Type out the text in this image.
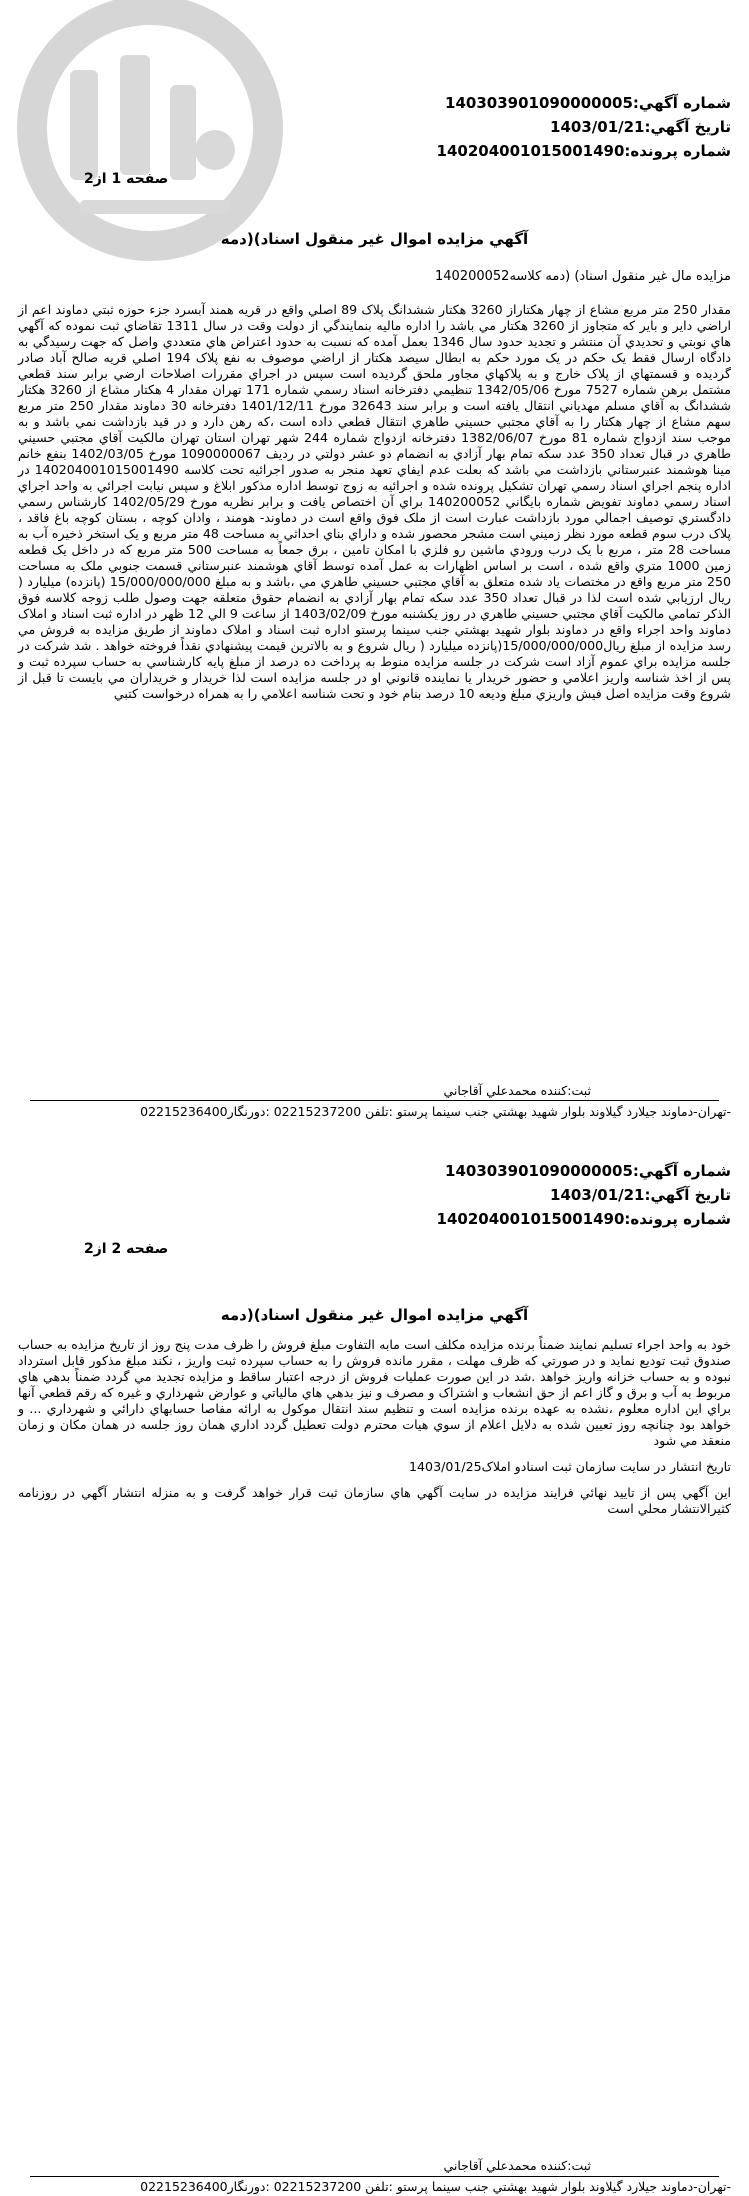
شماره آگهي:140303901090000005
تاريخ آگهي:1403/01/21
شماره پرونده:140204001015001490
صفحه 1 از2
آگهي مزايده اموال غير منقول اسناد)(دمه
مزايده مال غير منقول اسناد) (دمه کلاسه140200052

مقدار 250 متر مربع مشاع از چهار هکتاراز 3260 هکتار ششدانگ پلاک 89 اصلي واقع در قريه همند آبسرد جزء حوزه ثبتي دماوند اعم از اراضي داير و باير که متجاوز از 3260 هکتار مي باشد را اداره ماليه بنمايندگي از دولت وقت در سال 1311 تقاضاي ثبت نموده که آگهي هاي نوبتي و تحديدي آن منتشر و تجديد حدود سال 1346 بعمل آمده که نسبت به حدود اعتراض هاي متعددي واصل که جهت رسيدگي به دادگاه ارسال فقط يک حکم در يک مورد حکم به ابطال سيصد هکتار از اراضي موصوف به نفع پلاک 194 اصلي قريه صالح آباد صادر گرديده و قسمتهاي از پلاک خارج و به پلاکهاي مجاور ملحق گرديده است سپس در اجراي مقررات اصلاحات ارضي برابر سند قطعي مشتمل برهن شماره 7527 مورخ 1342/05/06 تنظيمي دفترخانه اسناد رسمي شماره 171 تهران مقدار 4 هکتار مشاع از 3260 هکتار ششدانگ به آقاي مسلم مهدياني انتقال يافته است و برابر سند 32643 مورخ 1401/12/11 دفترخانه 30 دماوند مقدار 250 متر مربع سهم مشاع از چهار هکتار را به آقاي مجتبي حسيني طاهري انتقال قطعي داده است ،که رهن دارد و در قيد بازداشت نمي باشد و به موجب سند ازدواج شماره 81 مورخ 1382/06/07 دفترخانه ازدواج شماره 244 شهر تهران استان تهران مالکيت آقاي مجتبي حسيني طاهري در قبال تعداد 350 عدد سکه تمام بهار آزادي به انضمام دو عشر دولتي در رديف 1090000067 مورخ 1402/03/05 بنفع خانم مينا هوشمند عنبرستاني بازداشت مي باشد که بعلت عدم ايفاي تعهد منجر به صدور اجرائيه تحت کلاسه 140204001015001490 در اداره پنجم اجراي اسناد رسمي تهران تشکيل پرونده شده و اجرائيه به زوج توسط اداره مذکور ابلاغ و سپس نيابت اجرائي به واحد اجراي اسناد رسمي دماوند تفويض شماره بايگاني 140200052 براي آن اختصاص يافت و برابر نظريه مورخ 1402/05/29 کارشناس رسمي دادگستري توصيف اجمالي مورد بازداشت عبارت است از ملک فوق واقع است در دماوند- هومند ، وادان کوچه ، بستان کوچه باغ فاقد ، پلاک درب سوم قطعه مورد نظر زميني است مشجر محصور شده و داراي بناي احداثي به مساحت 48 متر مربع و يک استخر ذخيره آب به مساحت 28 متر ، مربع با يک درب ورودي ماشين رو فلزي با امکان تامين ، برق جمعاً به مساحت 500 متر مربع که در داخل يک قطعه زمين 1000 متري واقع شده ، است بر اساس اظهارات به عمل آمده توسط آقاي هوشمند عنبرستاني قسمت جنوبي ملک به مساحت 250 متر مربع واقع در مختصات ياد شده متعلق به آقاي مجتبي حسيني طاهري مي ،باشد و به مبلغ 15/000/000/000 (پانزده) ميليارد ( ريال ارزيابي شده است لذا در قبال تعداد 350 عدد سکه تمام بهار آزادي به انضمام حقوق متعلقه جهت وصول طلب زوجه کلاسه فوق الذکر تمامي مالکيت آقاي مجتبي حسيني طاهري در روز يکشنبه مورخ 1403/02/09 از ساعت 9 الي 12 ظهر در اداره ثبت اسناد و املاک دماوند واحد اجراء واقع در دماوند بلوار شهيد بهشتي جنب سينما پرستو اداره ثبت اسناد و املاک دماوند از طريق مزايده به فروش مي رسد مزايده از مبلغ ريال15/000/000/000(پانزده ميليارد ( ريال شروع و به بالاترين قيمت پيشنهادي نقداً فروخته خواهد . شد شرکت در جلسه مزايده براي عموم آزاد است شرکت در جلسه مزايده منوط به پرداخت ده درصد از مبلغ پايه کارشناسي به حساب سپرده ثبت و پس از اخذ شناسه واريز اعلامي و حضور خريدار يا نماينده قانوني او در جلسه مزايده است لذا خريدار و خريداران مي بايست تا قبل از شروع وقت مزايده اصل فيش واريزي مبلغ وديعه 10 درصد بنام خود و تحت شناسه اعلامي را به همراه درخواست کتبي

ثبت:کننده محمدعلي آقاجاني
-تهران-دماوند جيلارد گيلاوند بلوار شهيد بهشتي جنب سينما پرستو :تلفن 02215237200 :دورنگار02215236400
شماره آگهي:140303901090000005
تاريخ آگهي:1403/01/21
شماره پرونده:140204001015001490
صفحه 2 از2
آگهي مزايده اموال غير منقول اسناد)(دمه

خود به واحد اجراء تسليم نمايند ضمناً برنده مزايده مکلف است مابه التفاوت مبلغ فروش را ظرف مدت پنج روز از تاريخ مزايده به حساب صندوق ثبت توديع نمايد و در صورتي که ظرف مهلت ، مقرر مانده فروش را به حساب سپرده ثبت واريز ، نکند مبلغ مذکور قابل استرداد نبوده و به حساب خزانه واريز خواهد .شد در اين صورت عمليات فروش از درجه اعتبار ساقط و مزايده تجديد مي گردد ضمناً بدهي هاي مربوط به آب و برق و گاز اعم از حق انشعاب و اشتراک و مصرف و نيز بدهي هاي مالياتي و عوارض شهرداري و غيره که رقم قطعي آنها براي اين اداره معلوم ،نشده به عهده برنده مزايده است و تنظيم سند انتقال موکول به ارائه مفاصا حسابهاي دارائي و شهرداري ... و خواهد بود چنانچه روز تعيين شده به دلايل اعلام از سوي هيات محترم دولت تعطيل گردد اداري همان روز جلسه در همان مکان و زمان منعقد مي شود

تاريخ انتشار در سايت سازمان ثبت اسنادو املاک1403/01/25

اين آگهي پس از تاييد نهائي فرايند مزايده در سايت آگهي هاي سازمان ثبت قرار خواهد گرفت و به منزله انتشار آگهي در روزنامه کثيرالانتشار محلي است

ثبت:کننده محمدعلي آقاجاني
-تهران-دماوند جيلارد گيلاوند بلوار شهيد بهشتي جنب سينما پرستو :تلفن 02215237200 :دورنگار02215236400
